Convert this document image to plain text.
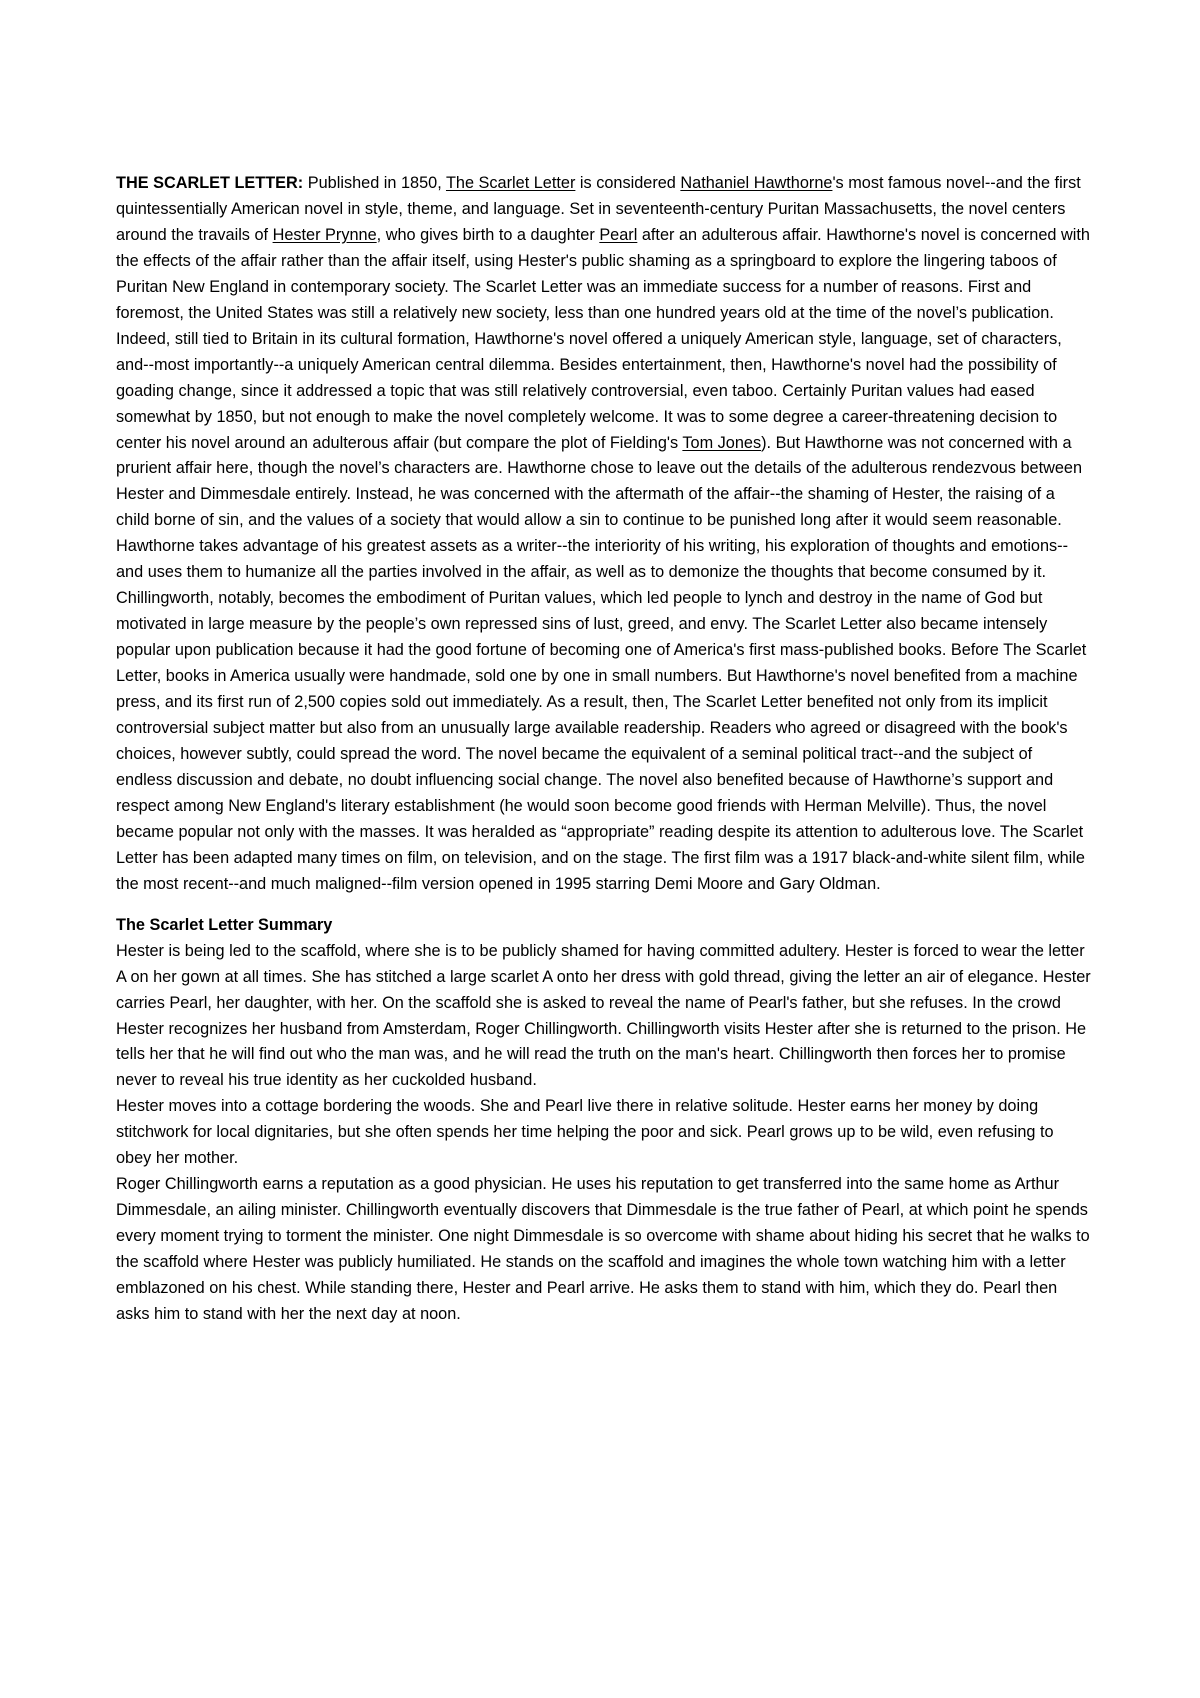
THE SCARLET LETTER: Published in 1850, The Scarlet Letter is considered Nathaniel Hawthorne's most famous novel--and the first quintessentially American novel in style, theme, and language. Set in seventeenth-century Puritan Massachusetts, the novel centers around the travails of Hester Prynne, who gives birth to a daughter Pearl after an adulterous affair. Hawthorne's novel is concerned with the effects of the affair rather than the affair itself, using Hester's public shaming as a springboard to explore the lingering taboos of Puritan New England in contemporary society. The Scarlet Letter was an immediate success for a number of reasons. First and foremost, the United States was still a relatively new society, less than one hundred years old at the time of the novel’s publication. Indeed, still tied to Britain in its cultural formation, Hawthorne's novel offered a uniquely American style, language, set of characters, and--most importantly--a uniquely American central dilemma. Besides entertainment, then, Hawthorne's novel had the possibility of goading change, since it addressed a topic that was still relatively controversial, even taboo. Certainly Puritan values had eased somewhat by 1850, but not enough to make the novel completely welcome. It was to some degree a career-threatening decision to center his novel around an adulterous affair (but compare the plot of Fielding's Tom Jones). But Hawthorne was not concerned with a prurient affair here, though the novel’s characters are. Hawthorne chose to leave out the details of the adulterous rendezvous between Hester and Dimmesdale entirely. Instead, he was concerned with the aftermath of the affair--the shaming of Hester, the raising of a child borne of sin, and the values of a society that would allow a sin to continue to be punished long after it would seem reasonable. Hawthorne takes advantage of his greatest assets as a writer--the interiority of his writing, his exploration of thoughts and emotions--and uses them to humanize all the parties involved in the affair, as well as to demonize the thoughts that become consumed by it. Chillingworth, notably, becomes the embodiment of Puritan values, which led people to lynch and destroy in the name of God but motivated in large measure by the people’s own repressed sins of lust, greed, and envy. The Scarlet Letter also became intensely popular upon publication because it had the good fortune of becoming one of America's first mass-published books. Before The Scarlet Letter, books in America usually were handmade, sold one by one in small numbers. But Hawthorne's novel benefited from a machine press, and its first run of 2,500 copies sold out immediately. As a result, then, The Scarlet Letter benefited not only from its implicit controversial subject matter but also from an unusually large available readership. Readers who agreed or disagreed with the book's choices, however subtly, could spread the word. The novel became the equivalent of a seminal political tract--and the subject of endless discussion and debate, no doubt influencing social change. The novel also benefited because of Hawthorne’s support and respect among New England's literary establishment (he would soon become good friends with Herman Melville). Thus, the novel became popular not only with the masses. It was heralded as “appropriate” reading despite its attention to adulterous love. The Scarlet Letter has been adapted many times on film, on television, and on the stage. The first film was a 1917 black-and-white silent film, while the most recent--and much maligned--film version opened in 1995 starring Demi Moore and Gary Oldman.

The Scarlet Letter Summary

Hester is being led to the scaffold, where she is to be publicly shamed for having committed adultery. Hester is forced to wear the letter A on her gown at all times. She has stitched a large scarlet A onto her dress with gold thread, giving the letter an air of elegance. Hester carries Pearl, her daughter, with her. On the scaffold she is asked to reveal the name of Pearl's father, but she refuses. In the crowd Hester recognizes her husband from Amsterdam, Roger Chillingworth. Chillingworth visits Hester after she is returned to the prison. He tells her that he will find out who the man was, and he will read the truth on the man's heart. Chillingworth then forces her to promise never to reveal his true identity as her cuckolded husband.

Hester moves into a cottage bordering the woods. She and Pearl live there in relative solitude. Hester earns her money by doing stitchwork for local dignitaries, but she often spends her time helping the poor and sick. Pearl grows up to be wild, even refusing to obey her mother.

Roger Chillingworth earns a reputation as a good physician. He uses his reputation to get transferred into the same home as Arthur Dimmesdale, an ailing minister. Chillingworth eventually discovers that Dimmesdale is the true father of Pearl, at which point he spends every moment trying to torment the minister. One night Dimmesdale is so overcome with shame about hiding his secret that he walks to the scaffold where Hester was publicly humiliated. He stands on the scaffold and imagines the whole town watching him with a letter emblazoned on his chest. While standing there, Hester and Pearl arrive. He asks them to stand with him, which they do. Pearl then asks him to stand with her the next day at noon.
